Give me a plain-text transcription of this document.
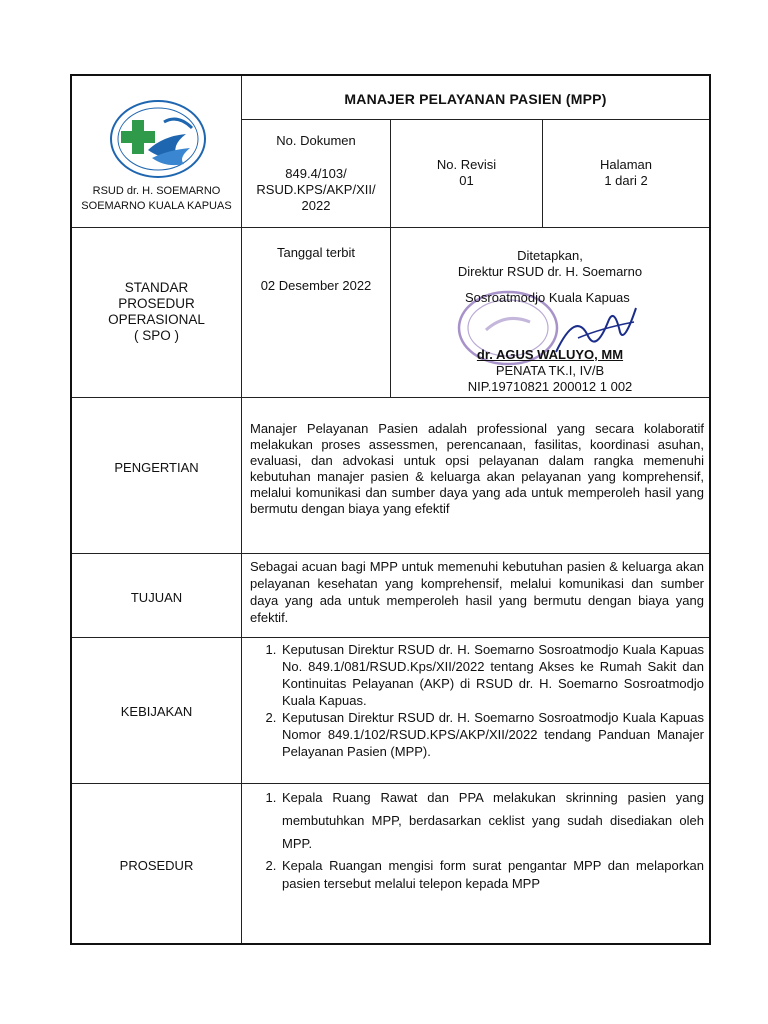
RSUD dr. H. SOEMARNO
SOEMARNO KUALA KAPUAS
MANAJER PELAYANAN PASIEN (MPP)
No. Dokumen
849.4/103/
RSUD.KPS/AKP/XII/
2022
No. Revisi
01
Halaman
1 dari 2
STANDAR
PROSEDUR
OPERASIONAL
( SPO )
Tanggal terbit
02 Desember 2022
Ditetapkan,
Direktur RSUD dr. H. Soemarno
Sosroatmodjo Kuala Kapuas
dr. AGUS WALUYO, MM
PENATA TK.I, IV/B
NIP.19710821 200012 1 002
PENGERTIAN
Manajer Pelayanan Pasien adalah professional yang secara kolaboratif melakukan proses assessmen, perencanaan, fasilitas, koordinasi asuhan, evaluasi, dan advokasi untuk opsi pelayanan dalam rangka memenuhi kebutuhan manajer pasien & keluarga akan pelayanan yang komprehensif, melalui komunikasi dan sumber daya yang ada untuk memperoleh hasil yang bermutu dengan biaya yang efektif
TUJUAN
Sebagai acuan bagi MPP untuk memenuhi kebutuhan pasien & keluarga akan pelayanan kesehatan yang komprehensif, melalui komunikasi dan sumber daya yang ada untuk memperoleh hasil yang bermutu dengan biaya yang efektif.
KEBIJAKAN
1. Keputusan Direktur RSUD dr. H. Soemarno Sosroatmodjo Kuala Kapuas No. 849.1/081/RSUD.Kps/XII/2022 tentang Akses ke Rumah Sakit dan Kontinuitas Pelayanan (AKP) di RSUD dr. H. Soemarno Sosroatmodjo Kuala Kapuas.
2. Keputusan Direktur RSUD dr. H. Soemarno Sosroatmodjo Kuala Kapuas Nomor 849.1/102/RSUD.KPS/AKP/XII/2022 tendang Panduan Manajer Pelayanan Pasien (MPP).
PROSEDUR
1. Kepala Ruang Rawat dan PPA melakukan skrinning pasien yang membutuhkan MPP, berdasarkan ceklist yang sudah disediakan oleh MPP.
2. Kepala Ruangan mengisi form surat pengantar MPP dan melaporkan pasien tersebut melalui telepon kepada MPP
